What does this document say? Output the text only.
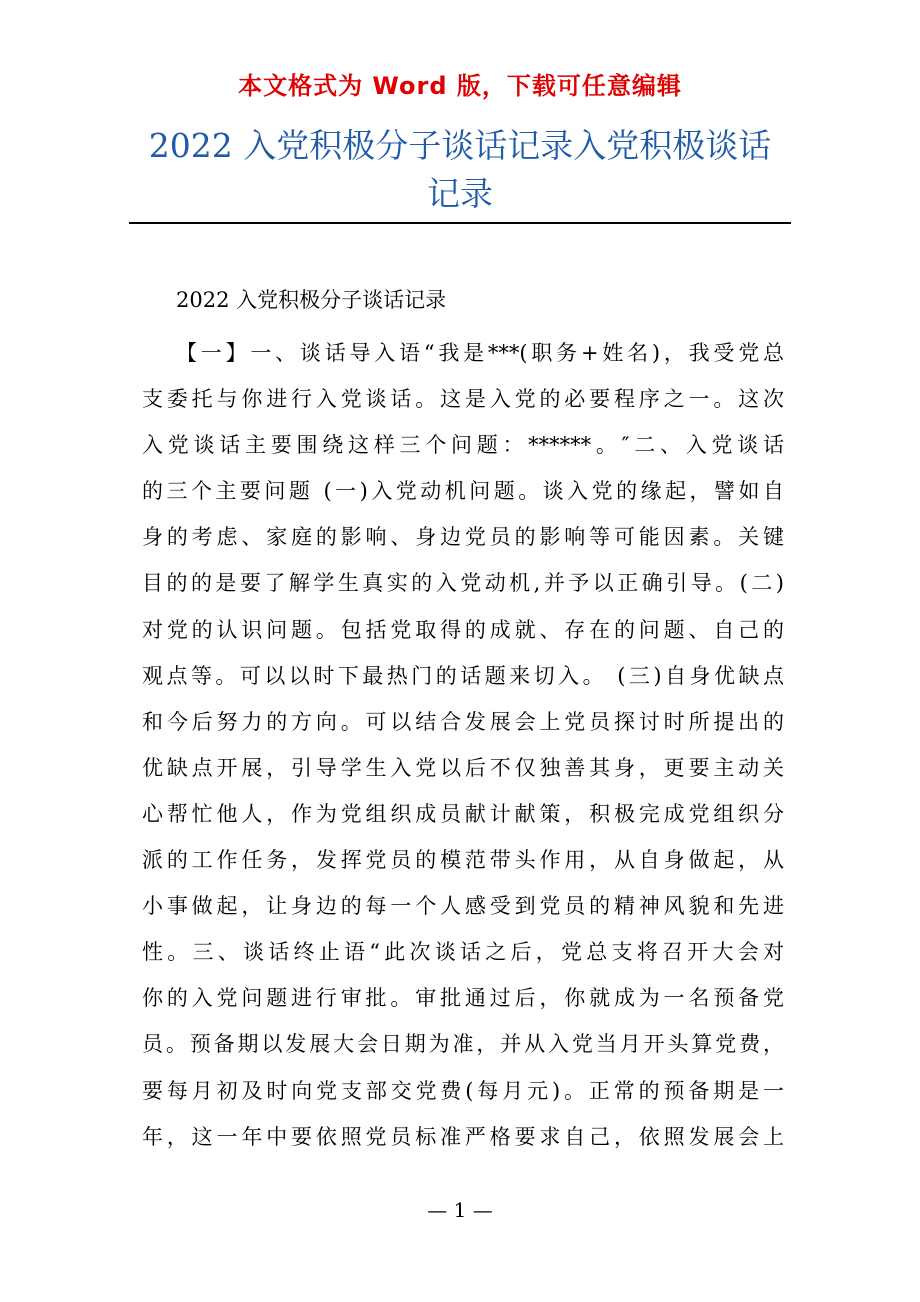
本文格式为 Word 版，下载可任意编辑
2022 入党积极分子谈话记录入党积极谈话记录
2022 入党积极分子谈话记录
【一】一、谈话导入语“我是***(职务+姓名)，我受党总
支委托与你进行入党谈话。这是入党的必要程序之一。这次
入党谈话主要围绕这样三个问题：******。″二、入党谈话
的三个主要问题 (一)入党动机问题。谈入党的缘起，譬如自
身的考虑、家庭的影响、身边党员的影响等可能因素。关键
目的的是要了解学生真实的入党动机,并予以正确引导。(二)
对党的认识问题。包括党取得的成就、存在的问题、自己的
观点等。可以以时下最热门的话题来切入。 (三)自身优缺点
和今后努力的方向。可以结合发展会上党员探讨时所提出的
优缺点开展，引导学生入党以后不仅独善其身，更要主动关
心帮忙他人，作为党组织成员献计献策，积极完成党组织分
派的工作任务，发挥党员的模范带头作用，从自身做起，从
小事做起，让身边的每一个人感受到党员的精神风貌和先进
性。三、谈话终止语“此次谈话之后，党总支将召开大会对
你的入党问题进行审批。审批通过后，你就成为一名预备党
员。预备期以发展大会日期为准，并从入党当月开头算党费，
要每月初及时向党支部交党费(每月元)。正常的预备期是一
年，这一年中要依照党员标准严格要求自己，依照发展会上
— 1 —
